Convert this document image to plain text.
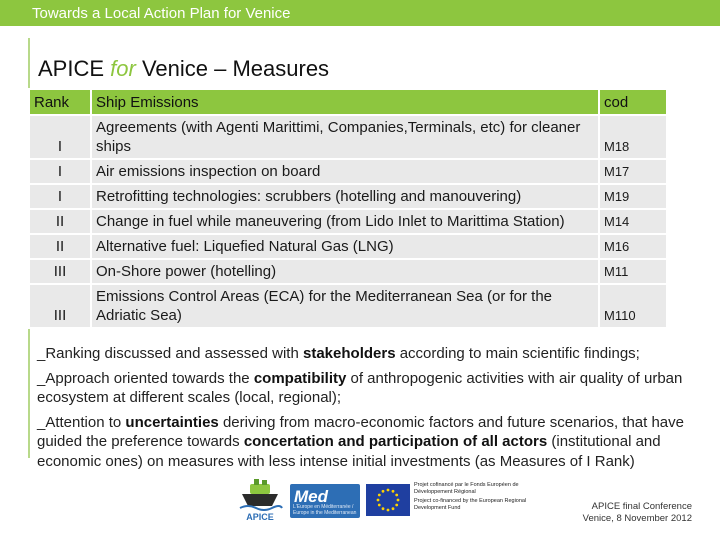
Towards a Local Action Plan for Venice
APICE for Venice – Measures
Rank	Ship Emissions	cod
I	Agreements (with Agenti Marittimi, Companies,Terminals, etc) for cleaner ships	M18
I	Air emissions inspection on board	M17
I	Retrofitting technologies: scrubbers (hotelling and manouvering)	M19
II	Change in fuel while maneuvering (from Lido Inlet to Marittima Station)	M14
II	Alternative fuel: Liquefied Natural Gas (LNG)	M16
III	On-Shore power (hotelling)	M11
III	Emissions Control Areas (ECA) for the Mediterranean Sea (or for the Adriatic Sea)	M110

_Ranking discussed and assessed with stakeholders according to main scientific findings;

_Approach oriented towards the compatibility of anthropogenic activities with air quality of urban ecosystem at different scales (local, regional);

_Attention to uncertainties deriving from macro-economic factors and future scenarios, that have guided the preference towards concertation and participation of all actors (institutional and economic ones) on measures with less intense initial investments (as Measures of I Rank)

APICE
Med
L'Europe en Méditerranée / Europe in the Mediterranean
Projet cofinancé par le Fonds Européen de Développement Régional
Project co-financed by the European Regional Development Fund	APICE final Conference
Venice, 8 November 2012
